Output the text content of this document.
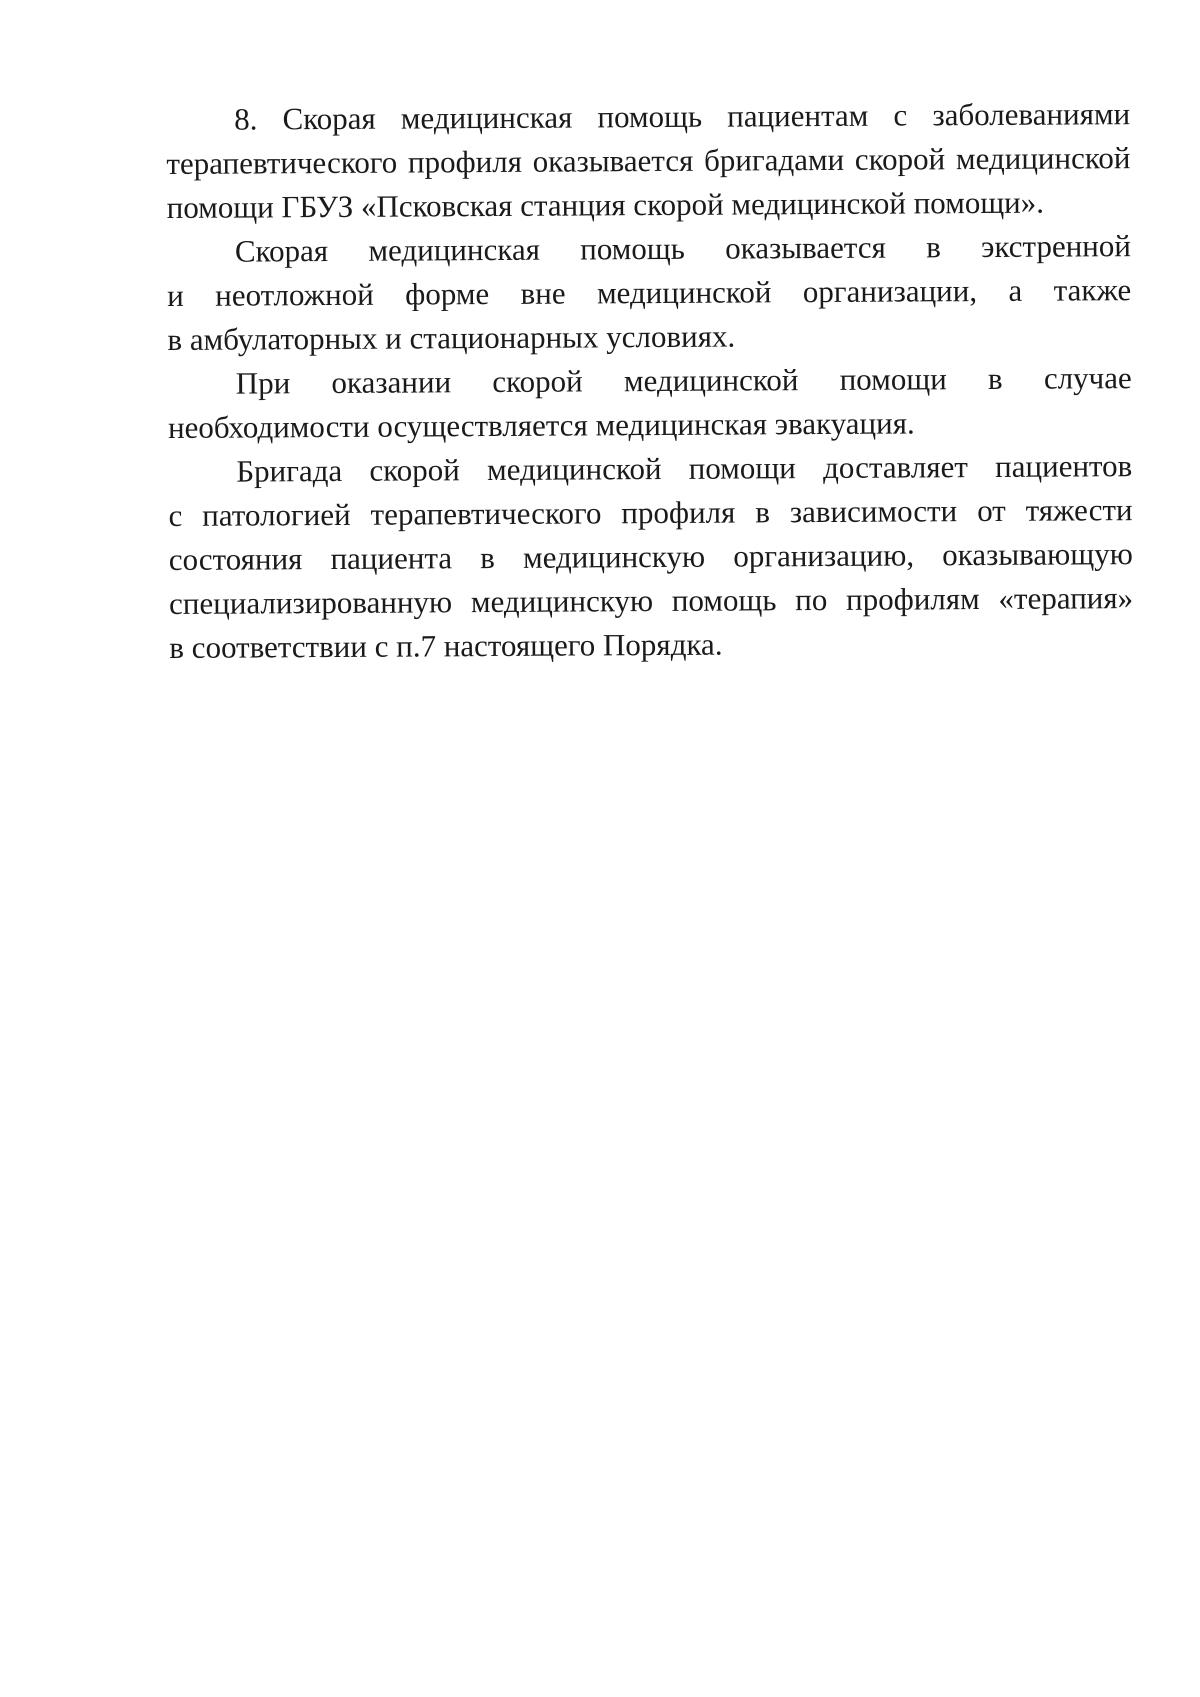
8. Скорая медицинская помощь пациентам с заболеваниями
терапевтического профиля оказывается бригадами скорой медицинской
помощи ГБУЗ «Псковская станция скорой медицинской помощи».
Скорая медицинская помощь оказывается в экстренной
и неотложной форме вне медицинской организации, а также
в амбулаторных и стационарных условиях.
При оказании скорой медицинской помощи в случае
необходимости осуществляется медицинская эвакуация.
Бригада скорой медицинской помощи доставляет пациентов
с патологией терапевтического профиля в зависимости от тяжести
состояния пациента в медицинскую организацию, оказывающую
специализированную медицинскую помощь по профилям «терапия»
в соответствии с п.7 настоящего Порядка.
